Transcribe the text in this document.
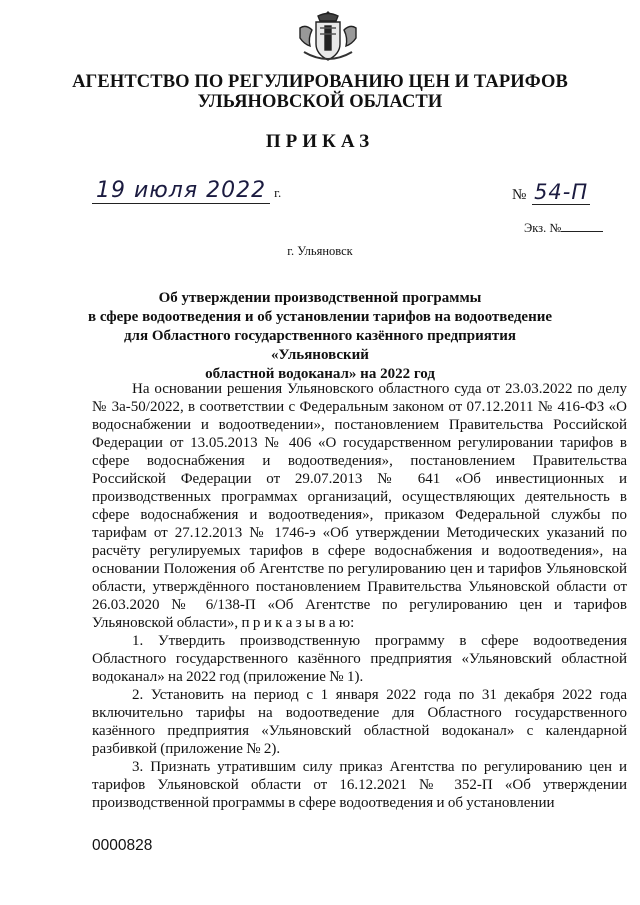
АГЕНТСТВО ПО РЕГУЛИРОВАНИЮ ЦЕН И ТАРИФОВ
УЛЬЯНОВСКОЙ ОБЛАСТИ
ПРИКАЗ
19 июля 2022 г.	№ 54-П
Экз. №
г. Ульяновск
Об утверждении производственной программы
в сфере водоотведения и об установлении тарифов на водоотведение
для Областного государственного казённого предприятия «Ульяновский
областной водоканал» на 2022 год

На основании решения Ульяновского областного суда от 23.03.2022 по делу № 3а-50/2022, в соответствии с Федеральным законом от 07.12.2011 № 416-ФЗ «О водоснабжении и водоотведении», постановлением Правительства Российской Федерации от 13.05.2013 № 406 «О государственном регулировании тарифов в сфере водоснабжения и водоотведения», постановлением Правительства Российской Федерации от 29.07.2013 № 641 «Об инвестиционных и производственных программах организаций, осуществляющих деятельность в сфере водоснабжения и водоотведения», приказом Федеральной службы по тарифам от 27.12.2013 № 1746-э «Об утверждении Методических указаний по расчёту регулируемых тарифов в сфере водоснабжения и водоотведения», на основании Положения об Агентстве по регулированию цен и тарифов Ульяновской области, утверждённого постановлением Правительства Ульяновской области от 26.03.2020 № 6/138-П «Об Агентстве по регулированию цен и тарифов Ульяновской области», п р и к а з ы в а ю:

1. Утвердить производственную программу в сфере водоотведения Областного государственного казённого предприятия «Ульяновский областной водоканал» на 2022 год (приложение № 1).

2. Установить на период с 1 января 2022 года по 31 декабря 2022 года включительно тарифы на водоотведение для Областного государственного казённого предприятия «Ульяновский областной водоканал» с календарной разбивкой (приложение № 2).

3. Признать утратившим силу приказ Агентства по регулированию цен и тарифов Ульяновской области от 16.12.2021 № 352-П «Об утверждении производственной программы в сфере водоотведения и об установлении

0000828
